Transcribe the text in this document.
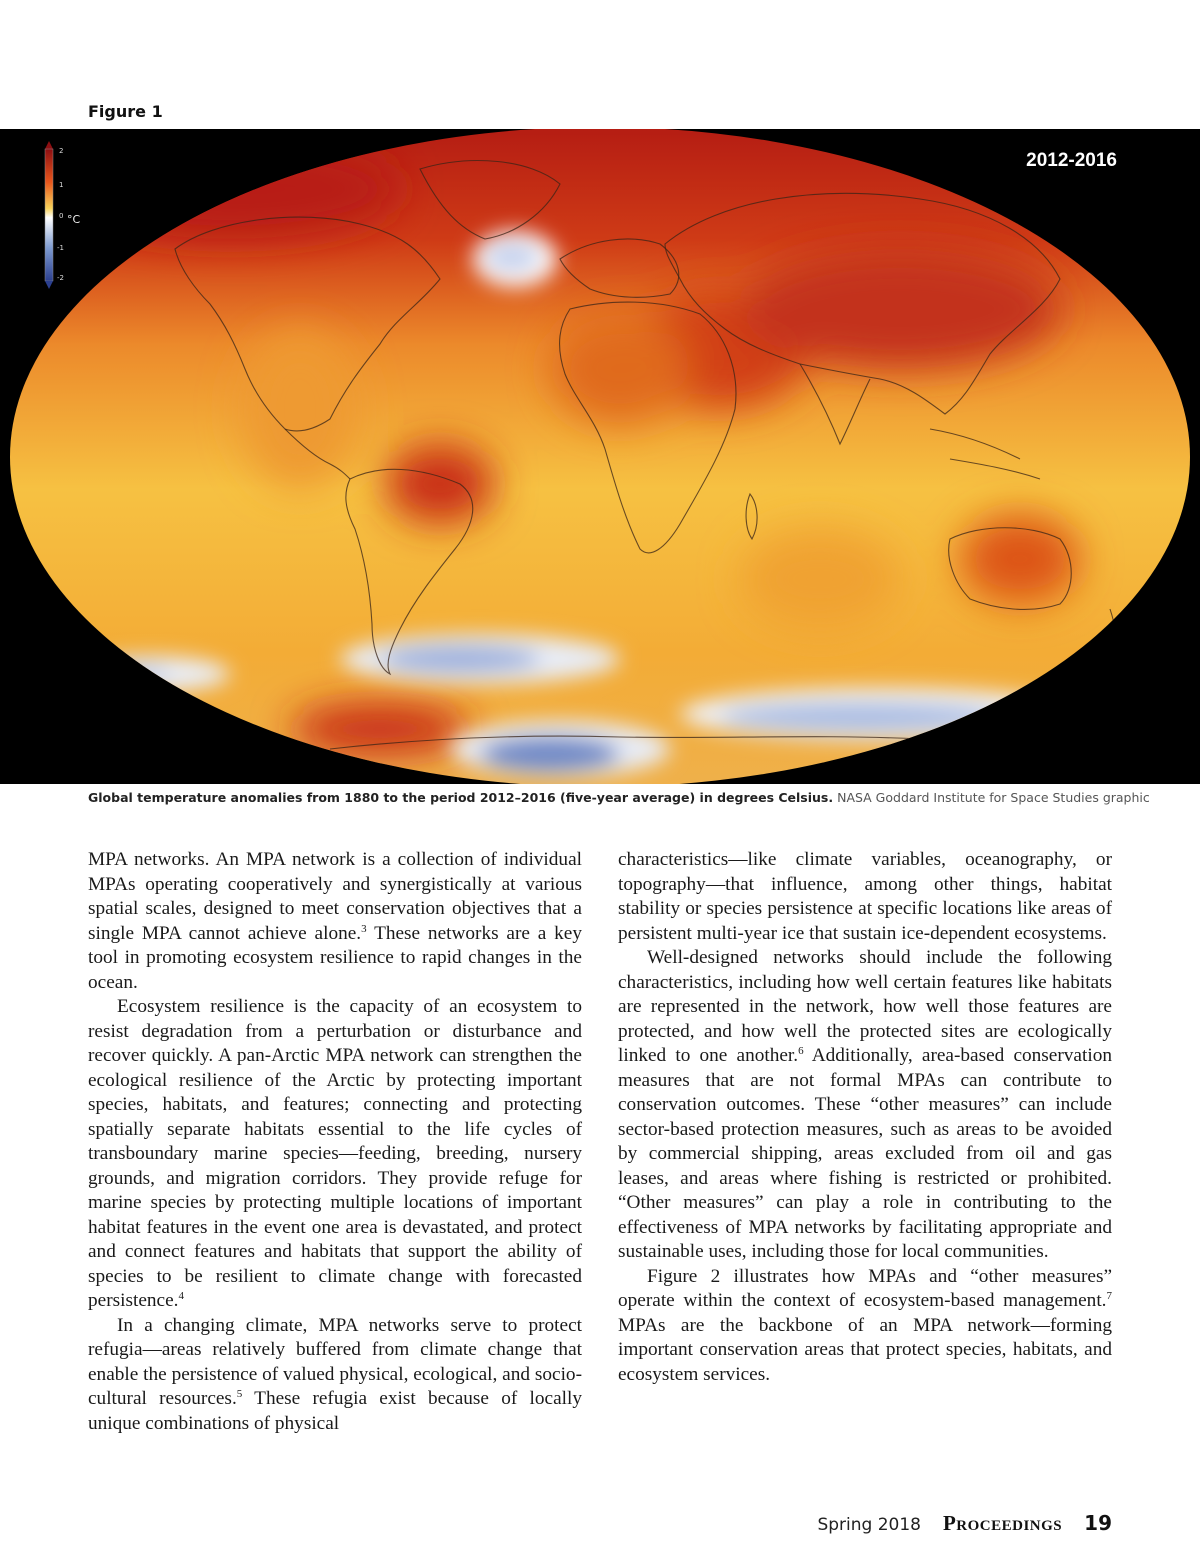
Figure 1
2
1
0
-1
-2
°C
2012-2016
Global temperature anomalies from 1880 to the period 2012–2016 (five-year average) in degrees Celsius. NASA Goddard Institute for Space Studies graphic

MPA networks. An MPA network is a collection of individual MPAs operating cooperatively and synergistically at various spatial scales, designed to meet conservation objectives that a single MPA cannot achieve alone.$^3$ These networks are a key tool in promoting ecosystem resilience to rapid changes in the ocean.

Ecosystem resilience is the capacity of an ecosystem to resist degradation from a perturbation or disturbance and recover quickly. A pan-Arctic MPA network can strengthen the ecological resilience of the Arctic by protecting important species, habitats, and features; connecting and protecting spatially separate habitats essential to the life cycles of transboundary marine species—feeding, breeding, nursery grounds, and migration corridors. They provide refuge for marine species by protecting multiple locations of important habitat features in the event one area is devastated, and protect and connect features and habitats that support the ability of species to be resilient to climate change with forecasted persistence.$^4$

In a changing climate, MPA networks serve to protect refugia—areas relatively buffered from climate change that enable the persistence of valued physical, ecological, and socio-cultural resources.$^5$ These refugia exist because of locally unique combinations of physical

characteristics—like climate variables, oceanography, or topography—that influence, among other things, habitat stability or species persistence at specific locations like areas of persistent multi-year ice that sustain ice-dependent ecosystems.

Well-designed networks should include the following characteristics, including how well certain features like habitats are represented in the network, how well those features are protected, and how well the protected sites are ecologically linked to one another.$^6$ Additionally, area-based conservation measures that are not formal MPAs can contribute to conservation outcomes. These “other measures” can include sector-based protection measures, such as areas to be avoided by commercial shipping, areas excluded from oil and gas leases, and areas where fishing is restricted or prohibited. “Other measures” can play a role in contributing to the effectiveness of MPA networks by facilitating appropriate and sustainable uses, including those for local communities.

Figure 2 illustrates how MPAs and “other measures” operate within the context of ecosystem-based management.$^7$ MPAs are the backbone of an MPA network—forming important conservation areas that protect species, habitats, and ecosystem services.

Spring 2018 Proceedings 19
